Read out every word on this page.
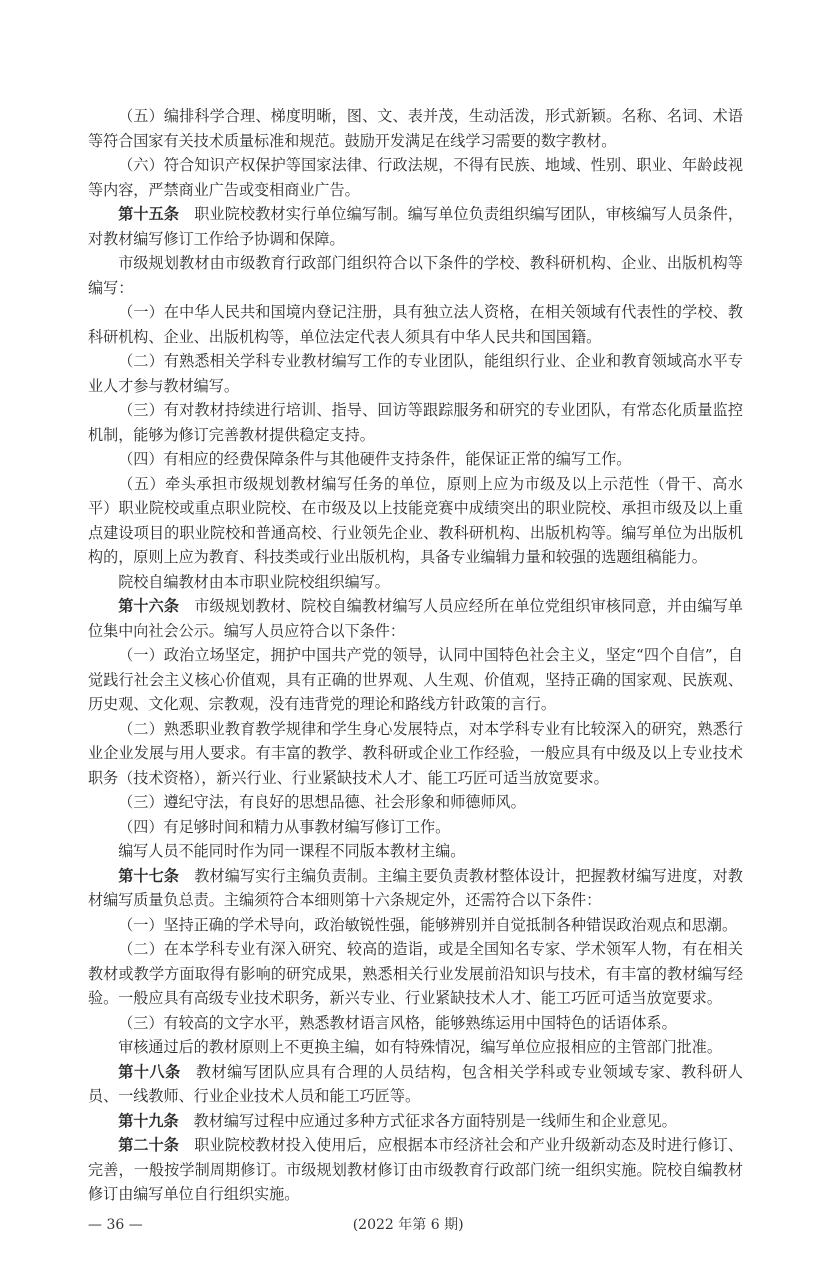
（五）编排科学合理、梯度明晰，图、文、表并茂，生动活泼，形式新颖。名称、名词、术语等符合国家有关技术质量标准和规范。鼓励开发满足在线学习需要的数字教材。

（六）符合知识产权保护等国家法律、行政法规，不得有民族、地域、性别、职业、年龄歧视等内容，严禁商业广告或变相商业广告。

第十五条 职业院校教材实行单位编写制。编写单位负责组织编写团队，审核编写人员条件，对教材编写修订工作给予协调和保障。

市级规划教材由市级教育行政部门组织符合以下条件的学校、教科研机构、企业、出版机构等编写：

（一）在中华人民共和国境内登记注册，具有独立法人资格，在相关领域有代表性的学校、教科研机构、企业、出版机构等，单位法定代表人须具有中华人民共和国国籍。

（二）有熟悉相关学科专业教材编写工作的专业团队，能组织行业、企业和教育领域高水平专业人才参与教材编写。

（三）有对教材持续进行培训、指导、回访等跟踪服务和研究的专业团队，有常态化质量监控机制，能够为修订完善教材提供稳定支持。

（四）有相应的经费保障条件与其他硬件支持条件，能保证正常的编写工作。

（五）牵头承担市级规划教材编写任务的单位，原则上应为市级及以上示范性（骨干、高水平）职业院校或重点职业院校、在市级及以上技能竞赛中成绩突出的职业院校、承担市级及以上重点建设项目的职业院校和普通高校、行业领先企业、教科研机构、出版机构等。编写单位为出版机构的，原则上应为教育、科技类或行业出版机构，具备专业编辑力量和较强的选题组稿能力。

院校自编教材由本市职业院校组织编写。

第十六条 市级规划教材、院校自编教材编写人员应经所在单位党组织审核同意，并由编写单位集中向社会公示。编写人员应符合以下条件：

（一）政治立场坚定，拥护中国共产党的领导，认同中国特色社会主义，坚定“四个自信”，自觉践行社会主义核心价值观，具有正确的世界观、人生观、价值观，坚持正确的国家观、民族观、历史观、文化观、宗教观，没有违背党的理论和路线方针政策的言行。

（二）熟悉职业教育教学规律和学生身心发展特点，对本学科专业有比较深入的研究，熟悉行业企业发展与用人要求。有丰富的教学、教科研或企业工作经验，一般应具有中级及以上专业技术职务（技术资格），新兴行业、行业紧缺技术人才、能工巧匠可适当放宽要求。

（三）遵纪守法，有良好的思想品德、社会形象和师德师风。

（四）有足够时间和精力从事教材编写修订工作。

编写人员不能同时作为同一课程不同版本教材主编。

第十七条 教材编写实行主编负责制。主编主要负责教材整体设计，把握教材编写进度，对教材编写质量负总责。主编须符合本细则第十六条规定外，还需符合以下条件：

（一）坚持正确的学术导向，政治敏锐性强，能够辨别并自觉抵制各种错误政治观点和思潮。

（二）在本学科专业有深入研究、较高的造诣，或是全国知名专家、学术领军人物，有在相关教材或教学方面取得有影响的研究成果，熟悉相关行业发展前沿知识与技术，有丰富的教材编写经验。一般应具有高级专业技术职务，新兴专业、行业紧缺技术人才、能工巧匠可适当放宽要求。

（三）有较高的文字水平，熟悉教材语言风格，能够熟练运用中国特色的话语体系。

审核通过后的教材原则上不更换主编，如有特殊情况，编写单位应报相应的主管部门批准。

第十八条 教材编写团队应具有合理的人员结构，包含相关学科或专业领域专家、教科研人员、一线教师、行业企业技术人员和能工巧匠等。

第十九条 教材编写过程中应通过多种方式征求各方面特别是一线师生和企业意见。

第二十条 职业院校教材投入使用后，应根据本市经济社会和产业升级新动态及时进行修订、完善，一般按学制周期修订。市级规划教材修订由市级教育行政部门统一组织实施。院校自编教材修订由编写单位自行组织实施。

— 36 —	(2022 年第 6 期)
